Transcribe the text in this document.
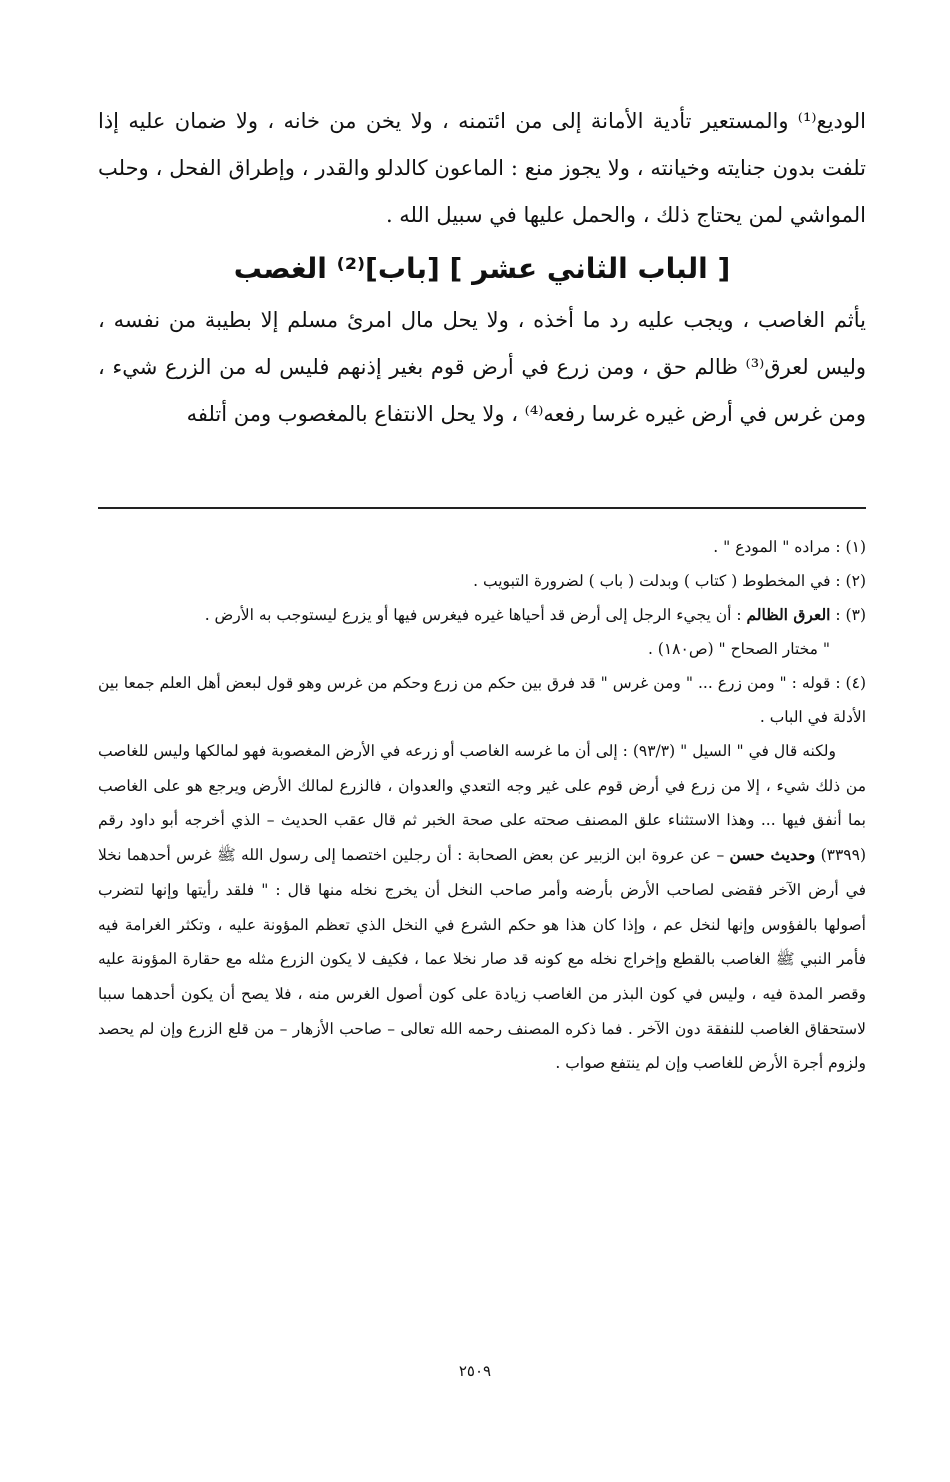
الوديع⁽¹⁾ والمستعير تأدية الأمانة إلى من ائتمنه ، ولا يخن من خانه ، ولا ضمان عليه إذا تلفت بدون جنايته وخيانته ، ولا يجوز منع : الماعون كالدلو والقدر ، وإطراق الفحل ، وحلب المواشي لمن يحتاج ذلك ، والحمل عليها في سبيل الله .

[ الباب الثاني عشر ] [باب]⁽²⁾ الغصب

يأثم الغاصب ، ويجب عليه رد ما أخذه ، ولا يحل مال امرئ مسلم إلا بطيبة من نفسه ، وليس لعرق⁽³⁾ ظالم حق ، ومن زرع في أرض قوم بغير إذنهم فليس له من الزرع شيء ، ومن غرس في أرض غيره غرسا رفعه⁽⁴⁾ ، ولا يحل الانتفاع بالمغصوب ومن أتلفه

(١) : مراده " المودع " .
(٢) : في المخطوط ( كتاب ) وبدلت ( باب ) لضرورة التبويب .
(٣) : العرق الظالم : أن يجيء الرجل إلى أرض قد أحياها غيره فيغرس فيها أو يزرع ليستوجب به الأرض .
" مختار الصحاح " (ص١٨٠) .
(٤) : قوله : " ومن زرع ... " ومن غرس " قد فرق بين حكم من زرع وحكم من غرس وهو قول لبعض أهل العلم جمعا بين الأدلة في الباب .
ولكنه قال في " السيل " (٩٣/٣) : إلى أن ما غرسه الغاصب أو زرعه في الأرض المغصوبة فهو لمالكها وليس للغاصب من ذلك شيء ، إلا من زرع في أرض قوم على غير وجه التعدي والعدوان ، فالزرع لمالك الأرض ويرجع هو على الغاصب بما أنفق فيها ... وهذا الاستثناء علق المصنف صحته على صحة الخبر ثم قال عقب الحديث – الذي أخرجه أبو داود رقم (٣٣٩٩) وحديث حسن – عن عروة ابن الزبير عن بعض الصحابة : أن رجلين اختصما إلى رسول الله ﷺ غرس أحدهما نخلا في أرض الآخر فقضى لصاحب الأرض بأرضه وأمر صاحب النخل أن يخرج نخله منها قال : " فلقد رأيتها وإنها لتضرب أصولها بالفؤوس وإنها لنخل عم ، وإذا كان هذا هو حكم الشرع في النخل الذي تعظم المؤونة عليه ، وتكثر الغرامة فيه فأمر النبي ﷺ الغاصب بالقطع وإخراج نخله مع كونه قد صار نخلا عما ، فكيف لا يكون الزرع مثله مع حقارة المؤونة عليه وقصر المدة فيه ، وليس في كون البذر من الغاصب زيادة على كون أصول الغرس منه ، فلا يصح أن يكون أحدهما سببا لاستحقاق الغاصب للنفقة دون الآخر . فما ذكره المصنف رحمه الله تعالى – صاحب الأزهار – من قلع الزرع وإن لم يحصد ولزوم أجرة الأرض للغاصب وإن لم ينتفع صواب .
٢٥٠٩
